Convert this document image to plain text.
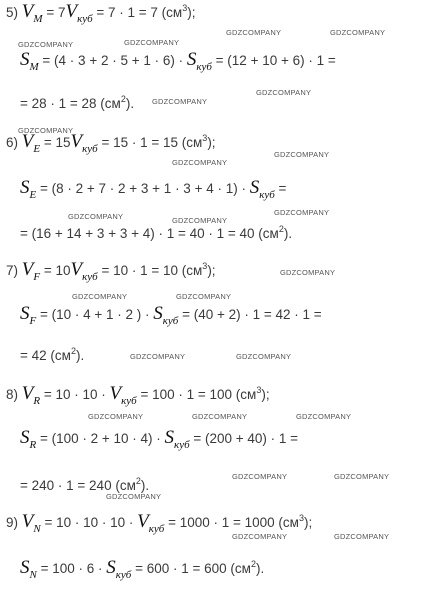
5) $V_M = 7V_{куб} = 7 \cdot 1 = 7$ $(см^3)$;
$S_M = (4 \cdot 3 + 2 \cdot 5 + 1 \cdot 6) \cdot S_{куб} = (12 + 10 + 6) \cdot 1$ =
= 28 · 1 = 28 $(см^2)$.
6) $V_E = 15V_{куб} = 15 \cdot 1 = 15$ $(см^3)$;
$S_E = (8 \cdot 2 + 7 \cdot 2 + 3 + 1 \cdot 3 + 4 \cdot 1) \cdot S_{куб}$ =
= (16 + 14 + 3 + 3 + 4) · 1 = 40 · 1 = 40 $(см^2)$.
7) $V_F = 10V_{куб} = 10 \cdot 1 = 10$ $(см^3)$;
$S_F = (10 \cdot 4 + 1 \cdot 2$ ) · $S_{куб} = (40 + 2) \cdot 1 = 42 \cdot 1$ =
= 42 $(см^2)$.
8) $V_R = 10 \cdot 10 \cdot V_{куб} = 100 \cdot 1 = 100$ $(см^3)$;
$S_R = (100 \cdot 2 + 10 \cdot 4) \cdot S_{куб} = (200 + 40) \cdot 1$ =
= 240 · 1 = 240 $(см^2)$.
9) $V_N = 10 \cdot 10 \cdot 10 \cdot V_{куб} = 1000 \cdot 1 = 1000$ $(см^3)$;
$S_N = 100 \cdot 6 \cdot S_{куб} = 600 \cdot 1 = 600$ $(см^2)$.
GDZCOMPANY	GDZCOMPANY
GDZCOMPANY
GDZCOMPANY
GDZCOMPANY
GDZCOMPANY
GDZCOMPANY
GDZCOMPANY
GDZCOMPANY
GDZCOMPANY
GDZCOMPANY	GDZCOMPANY
GDZCOMPANY
GDZCOMPANY	GDZCOMPANY
GDZCOMPANY	GDZCOMPANY
GDZCOMPANY	GDZCOMPANY	GDZCOMPANY
GDZCOMPANY	GDZCOMPANY
GDZCOMPANY
GDZCOMPANY	GDZCOMPANY
